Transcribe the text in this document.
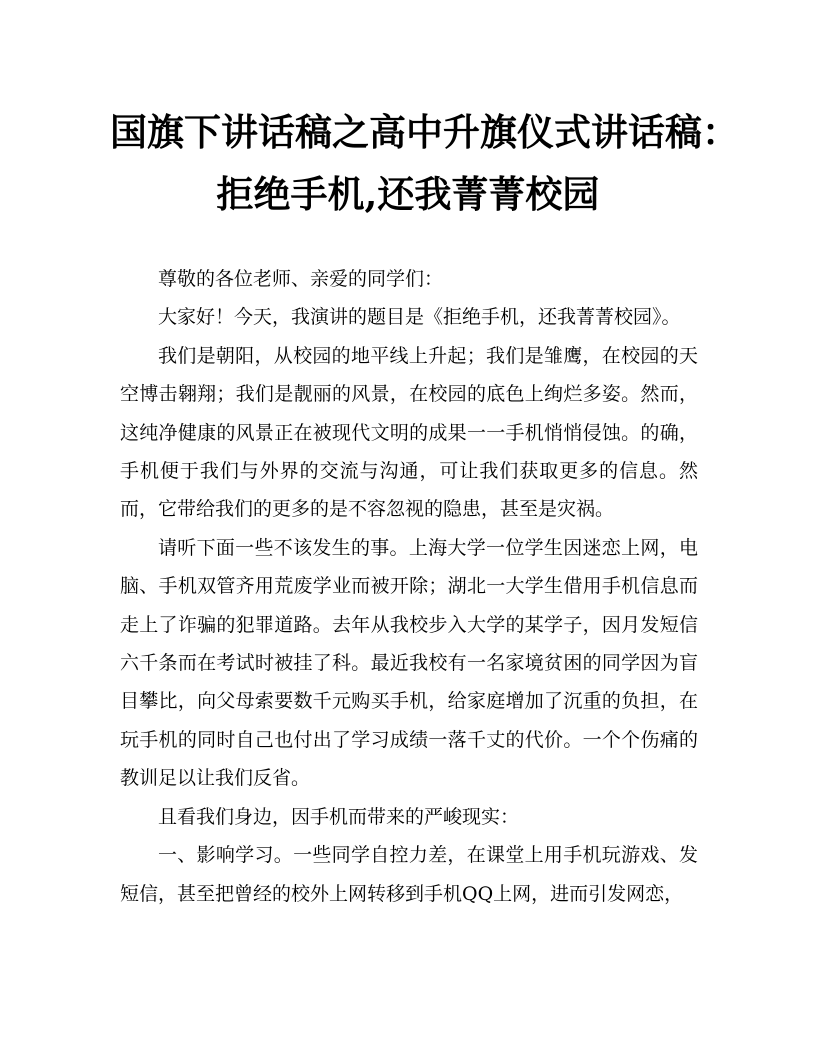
国旗下讲话稿之高中升旗仪式讲话稿：
拒绝手机,还我菁菁校园

尊敬的各位老师、亲爱的同学们：

大家好！今天，我演讲的题目是《拒绝手机，还我菁菁校园》。

我们是朝阳，从校园的地平线上升起；我们是雏鹰，在校园的天空博击翱翔；我们是靓丽的风景，在校园的底色上绚烂多姿。然而，这纯净健康的风景正在被现代文明的成果一一手机悄悄侵蚀。的确，手机便于我们与外界的交流与沟通，可让我们获取更多的信息。然而，它带给我们的更多的是不容忽视的隐患，甚至是灾祸。

请听下面一些不该发生的事。上海大学一位学生因迷恋上网，电脑、手机双管齐用荒废学业而被开除；湖北一大学生借用手机信息而走上了诈骗的犯罪道路。去年从我校步入大学的某学子，因月发短信六千条而在考试时被挂了科。最近我校有一名家境贫困的同学因为盲目攀比，向父母索要数千元购买手机，给家庭增加了沉重的负担，在玩手机的同时自己也付出了学习成绩一落千丈的代价。一个个伤痛的教训足以让我们反省。

且看我们身边，因手机而带来的严峻现实：

一、影响学习。一些同学自控力差，在课堂上用手机玩游戏、发短信，甚至把曾经的校外上网转移到手机QQ上网，进而引发网恋，
